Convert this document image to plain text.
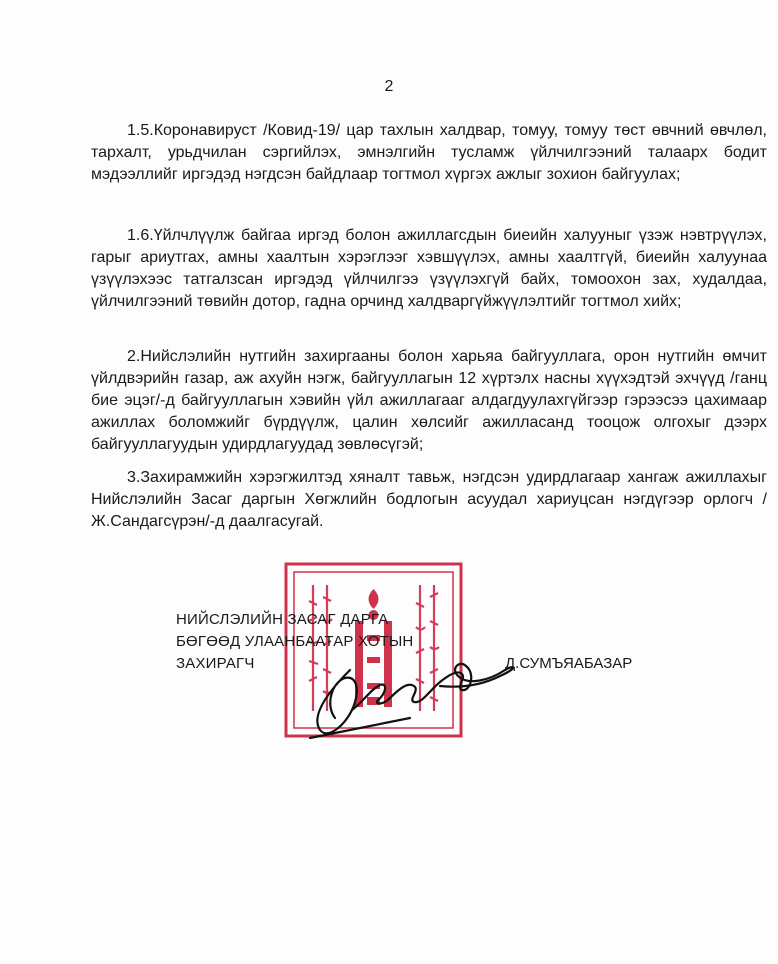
2

1.5.Коронавируст /Ковид-19/ цар тахлын халдвар, томуу, томуу төст өвчний өвчлөл, тархалт, урьдчилан сэргийлэх, эмнэлгийн тусламж үйлчилгээний талаарх бодит мэдээллийг иргэдэд нэгдсэн байдлаар тогтмол хүргэх ажлыг зохион байгуулах;

1.6.Үйлчлүүлж байгаа иргэд болон ажиллагсдын биеийн халууныг үзэж нэвтрүүлэх, гарыг ариутгах, амны хаалтын хэрэглээг хэвшүүлэх, амны хаалтгүй, биеийн халуунаа үзүүлэхээс татгалзсан иргэдэд үйлчилгээ үзүүлэхгүй байх, томоохон зах, худалдаа, үйлчилгээний төвийн дотор, гадна орчинд халдваргүйжүүлэлтийг тогтмол хийх;

2.Нийслэлийн нутгийн захиргааны болон харьяа байгууллага, орон нутгийн өмчит үйлдвэрийн газар, аж ахуйн нэгж, байгууллагын 12 хүртэлх насны хүүхэдтэй эхчүүд /ганц бие эцэг/-д байгууллагын хэвийн үйл ажиллагааг алдагдуулахгүйгээр гэрээсээ цахимаар ажиллах боломжийг бүрдүүлж, цалин хөлсийг ажилласанд тооцож олгохыг дээрх байгууллагуудын удирдлагуудад зөвлөсүгэй;

3.Захирамжийн хэрэгжилтэд хяналт тавьж, нэгдсэн удирдлагаар хангаж ажиллахыг Нийслэлийн Засаг даргын Хөгжлийн бодлогын асуудал хариуцсан нэгдүгээр орлогч /Ж.Сандагсүрэн/-д даалгасугай.

НИЙСЛЭЛИЙН ЗАСАГ ДАРГА
БӨГӨӨД УЛААНБААТАР ХОТЫН
ЗАХИРАГЧ	Д.СУМЪЯАБАЗАР
